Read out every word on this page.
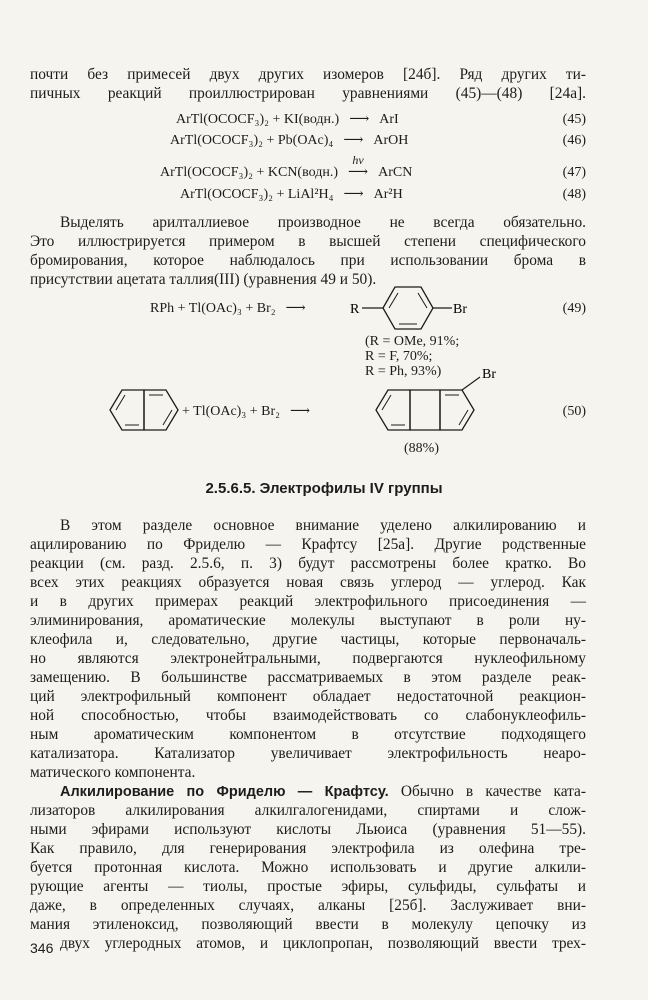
почти без примесей двух других изомеров [24б]. Ряд других ти-

пичных реакций проиллюстрирован уравнениями (45)—(48) [24а].

ArTl(OCOCF₃)₂ + KI(водн.) ⟶ ArI	(45)
ArTl(OCOCF₃)₂ + Pb(OAc)₄ ⟶ ArOH	(46)
ArTl(OCOCF₃)₂ + KCN(водн.)
hν
⟶ ArCN	(47)
ArTl(OCOCF₃)₂ + LiAl²H₄ ⟶ Ar²H	(48)

Выделять арилталлиевое производное не всегда обязательно.

Это иллюстрируется примером в высшей степени специфического

бромирования, которое наблюдалось при использовании брома в

присутствии ацетата таллия(III) (уравнения 49 и 50).

RPh + Tl(OAc)₃ + Br₂ ⟶	R	Br	(49)
(R = OMe, 91%;
R = F, 70%;
R = Ph, 93%)
+ Tl(OAc)₃ + Br₂ ⟶
Br
(88%)
(50)
2.5.6.5. Электрофилы IV группы

В этом разделе основное внимание уделено алкилированию и

ацилированию по Фриделю — Крафтсу [25а]. Другие родственные

реакции (см. разд. 2.5.6, п. 3) будут рассмотрены более кратко. Во

всех этих реакциях образуется новая связь углерод — углерод. Как

и в других примерах реакций электрофильного присоединения —

элиминирования, ароматические молекулы выступают в роли ну-

клеофила и, следовательно, другие частицы, которые первоначаль-

но являются электронейтральными, подвергаются нуклеофильному

замещению. В большинстве рассматриваемых в этом разделе реак-

ций электрофильный компонент обладает недостаточной реакцион-

ной способностью, чтобы взаимодействовать со слабонуклеофиль-

ным ароматическим компонентом в отсутствие подходящего

катализатора. Катализатор увеличивает электрофильность неаро-

матического компонента.

Алкилирование по Фриделю — Крафтсу. Обычно в качестве ката-

лизаторов алкилирования алкилгалогенидами, спиртами и слож-

ными эфирами используют кислоты Льюиса (уравнения 51—55).

Как правило, для генерирования электрофила из олефина тре-

буется протонная кислота. Можно использовать и другие алкили-

рующие агенты — тиолы, простые эфиры, сульфиды, сульфаты и

даже, в определенных случаях, алканы [25б]. Заслуживает вни-

мания этиленоксид, позволяющий ввести в молекулу цепочку из

двух углеродных атомов, и циклопропан, позволяющий ввести трех-

346
